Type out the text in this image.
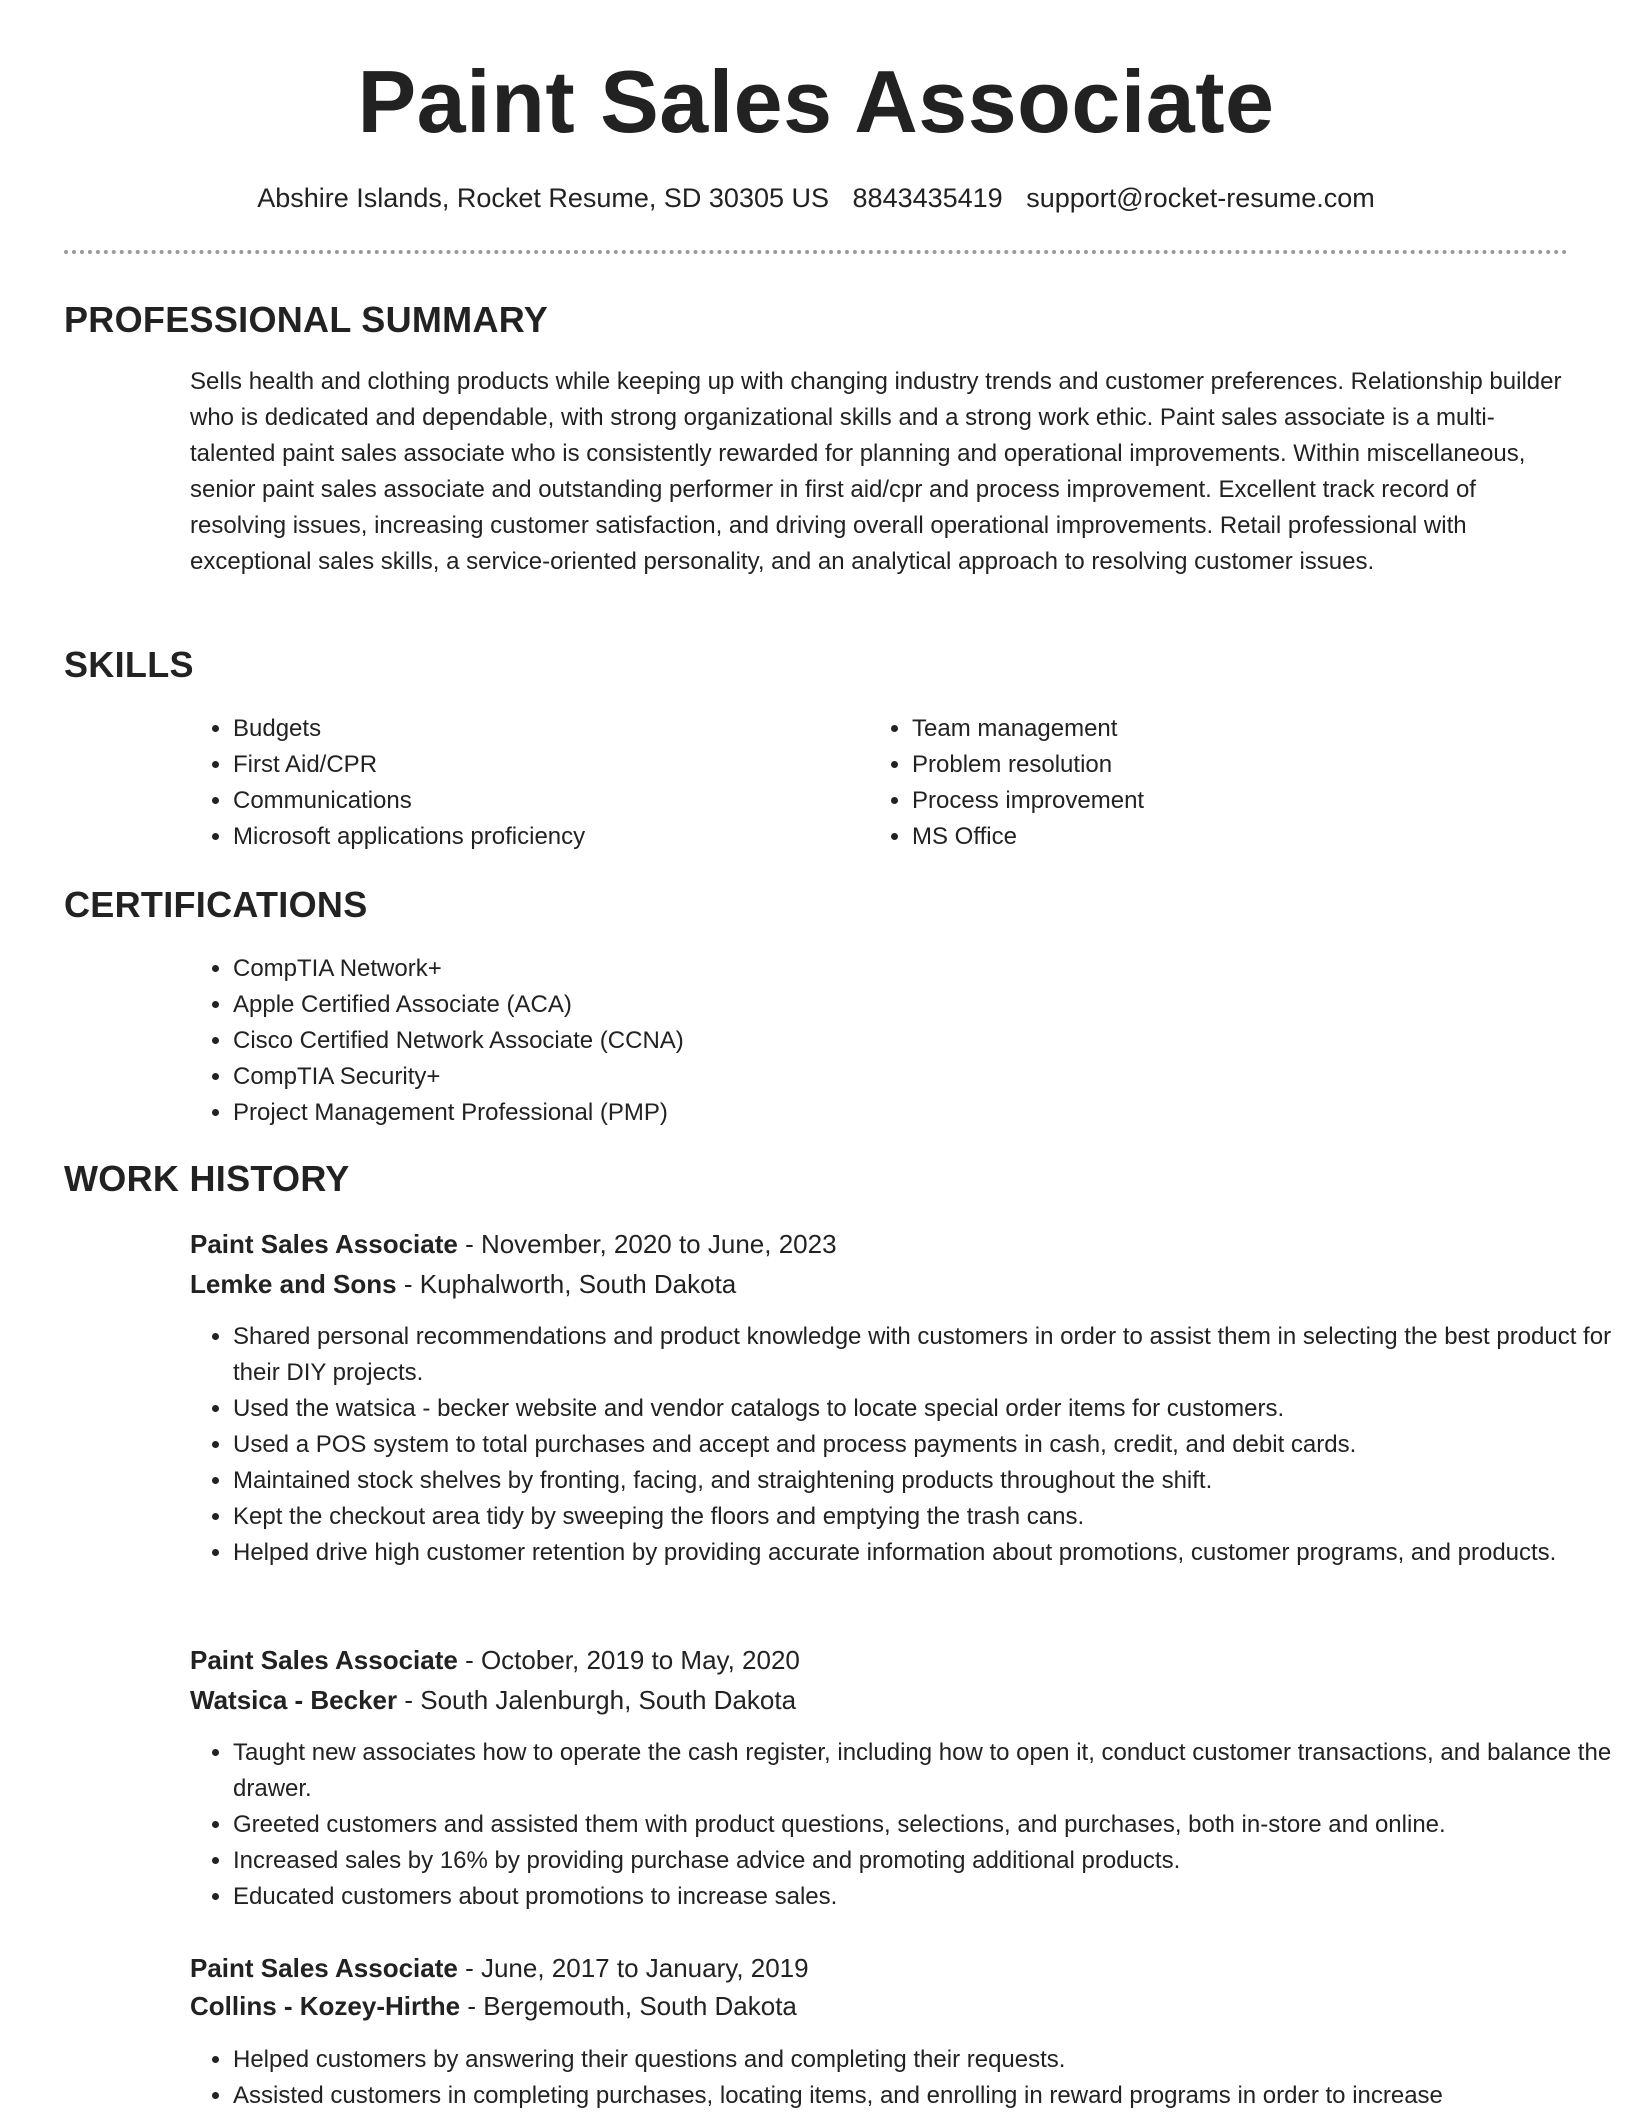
Paint Sales Associate
Abshire Islands, Rocket Resume, SD 30305 US 8843435419 support@rocket-resume.com
PROFESSIONAL SUMMARY
Sells health and clothing products while keeping up with changing industry trends and customer preferences. Relationship builder who is dedicated and dependable, with strong organizational skills and a strong work ethic. Paint sales associate is a multi-talented paint sales associate who is consistently rewarded for planning and operational improvements. Within miscellaneous, senior paint sales associate and outstanding performer in first aid/cpr and process improvement. Excellent track record of resolving issues, increasing customer satisfaction, and driving overall operational improvements. Retail professional with exceptional sales skills, a service-oriented personality, and an analytical approach to resolving customer issues.
SKILLS
• Budgets
• First Aid/CPR
• Communications
• Microsoft applications proficiency
• Team management
• Problem resolution
• Process improvement
• MS Office
CERTIFICATIONS
• CompTIA Network+
• Apple Certified Associate (ACA)
• Cisco Certified Network Associate (CCNA)
• CompTIA Security+
• Project Management Professional (PMP)
WORK HISTORY
Paint Sales Associate - November, 2020 to June, 2023
Lemke and Sons - Kuphalworth, South Dakota
• Shared personal recommendations and product knowledge with customers in order to assist them in selecting the best product for their DIY projects.
• Used the watsica - becker website and vendor catalogs to locate special order items for customers.
• Used a POS system to total purchases and accept and process payments in cash, credit, and debit cards.
• Maintained stock shelves by fronting, facing, and straightening products throughout the shift.
• Kept the checkout area tidy by sweeping the floors and emptying the trash cans.
• Helped drive high customer retention by providing accurate information about promotions, customer programs, and products.
Paint Sales Associate - October, 2019 to May, 2020
Watsica - Becker - South Jalenburgh, South Dakota
• Taught new associates how to operate the cash register, including how to open it, conduct customer transactions, and balance the drawer.
• Greeted customers and assisted them with product questions, selections, and purchases, both in-store and online.
• Increased sales by 16% by providing purchase advice and promoting additional products.
• Educated customers about promotions to increase sales.
Paint Sales Associate - June, 2017 to January, 2019
Collins - Kozey-Hirthe - Bergemouth, South Dakota
• Helped customers by answering their questions and completing their requests.
• Assisted customers in completing purchases, locating items, and enrolling in reward programs in order to increase
